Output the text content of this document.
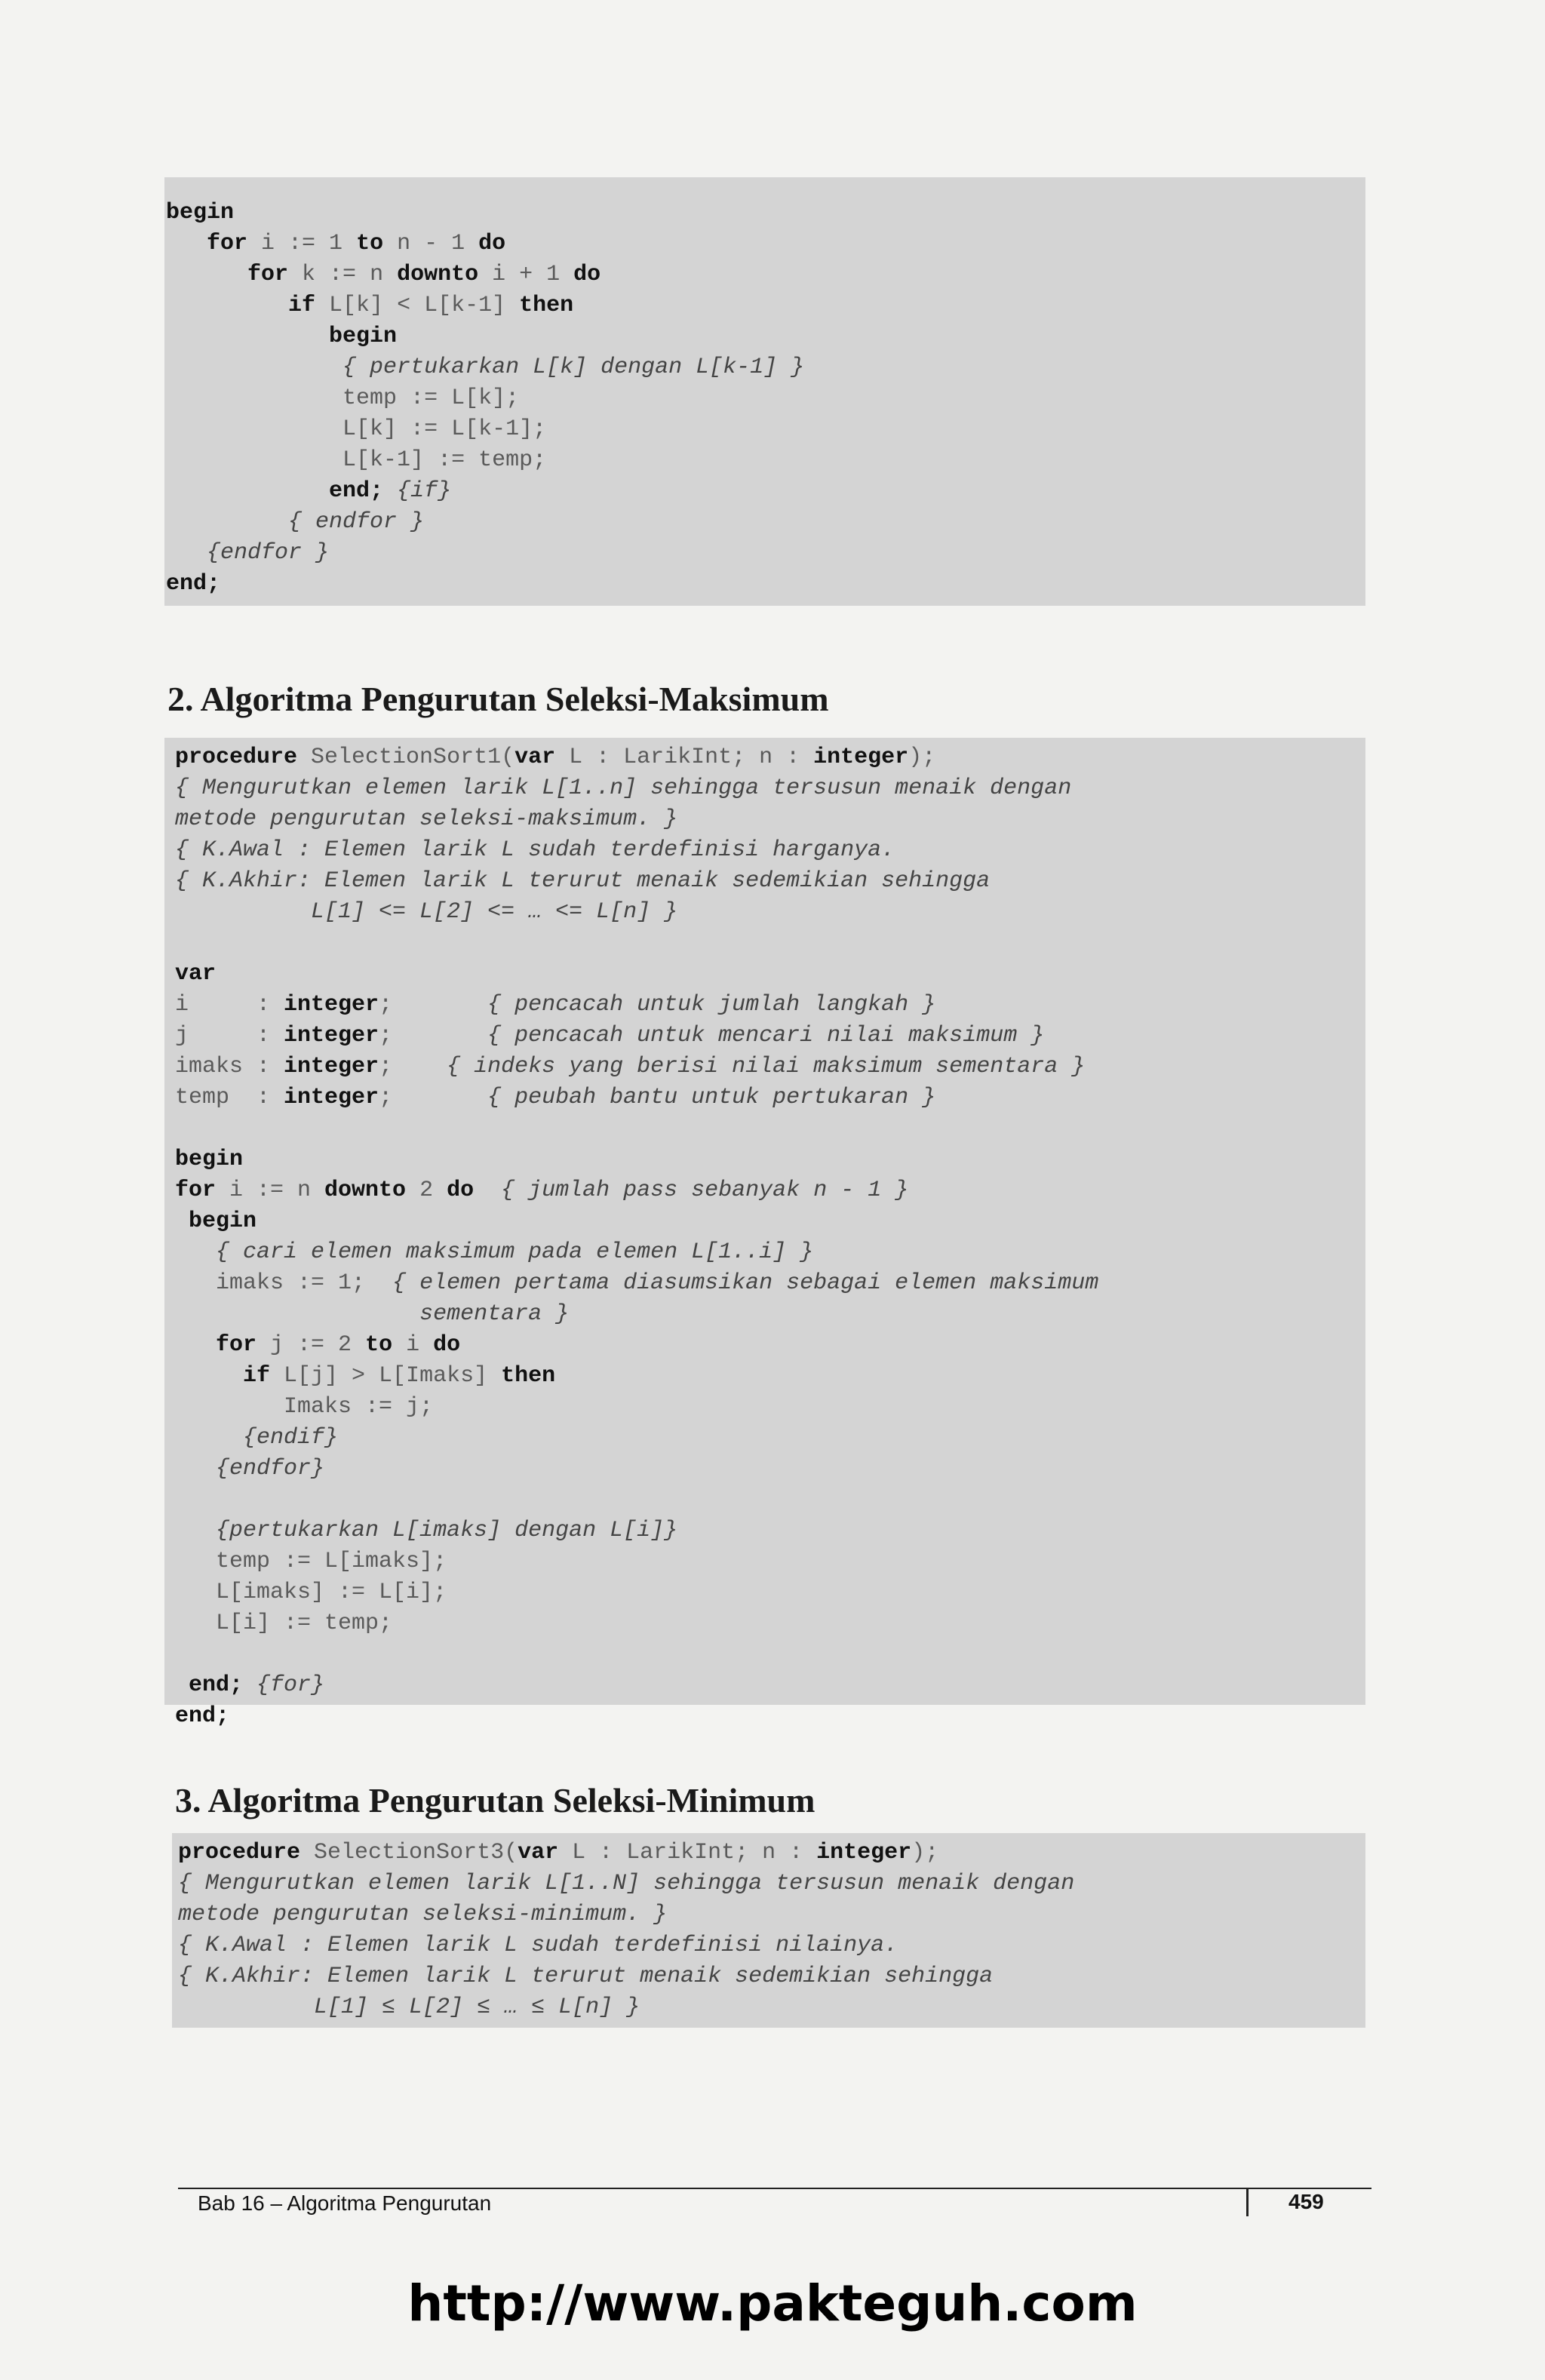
begin
for i := 1 to n - 1 do
for k := n downto i + 1 do
if L[k] < L[k-1] then
begin
{ pertukarkan L[k] dengan L[k-1] }
temp := L[k];
L[k] := L[k-1];
L[k-1] := temp;
end; {if}
{ endfor }
{endfor }
end;
2. Algoritma Pengurutan Seleksi-Maksimum
procedure SelectionSort1(var L : LarikInt; n : integer);
{ Mengurutkan elemen larik L[1..n] sehingga tersusun menaik dengan
metode pengurutan seleksi-maksimum. }
{ K.Awal : Elemen larik L sudah terdefinisi harganya.
{ K.Akhir: Elemen larik L terurut menaik sedemikian sehingga
L[1] <= L[2] <= … <= L[n] }

var
i     : integer;       { pencacah untuk jumlah langkah }
j     : integer;       { pencacah untuk mencari nilai maksimum }
imaks : integer;    { indeks yang berisi nilai maksimum sementara }
temp  : integer;       { peubah bantu untuk pertukaran }

begin
for i := n downto 2 do { jumlah pass sebanyak n - 1 }
begin
{ cari elemen maksimum pada elemen L[1..i] }
imaks := 1;  { elemen pertama diasumsikan sebagai elemen maksimum
sementara }
for j := 2 to i do
if L[j] > L[Imaks] then
Imaks := j;
{endif}
{endfor}

{pertukarkan L[imaks] dengan L[i]}
temp := L[imaks];
L[imaks] := L[i];
L[i] := temp;

end; {for}
end;
3. Algoritma Pengurutan Seleksi-Minimum
procedure SelectionSort3(var L : LarikInt; n : integer);
{ Mengurutkan elemen larik L[1..N] sehingga tersusun menaik dengan
metode pengurutan seleksi-minimum. }
{ K.Awal : Elemen larik L sudah terdefinisi nilainya.
{ K.Akhir: Elemen larik L terurut menaik sedemikian sehingga
L[1] ≤ L[2] ≤ … ≤ L[n] }
Bab 16 – Algoritma Pengurutan	459
http://www.pakteguh.com
